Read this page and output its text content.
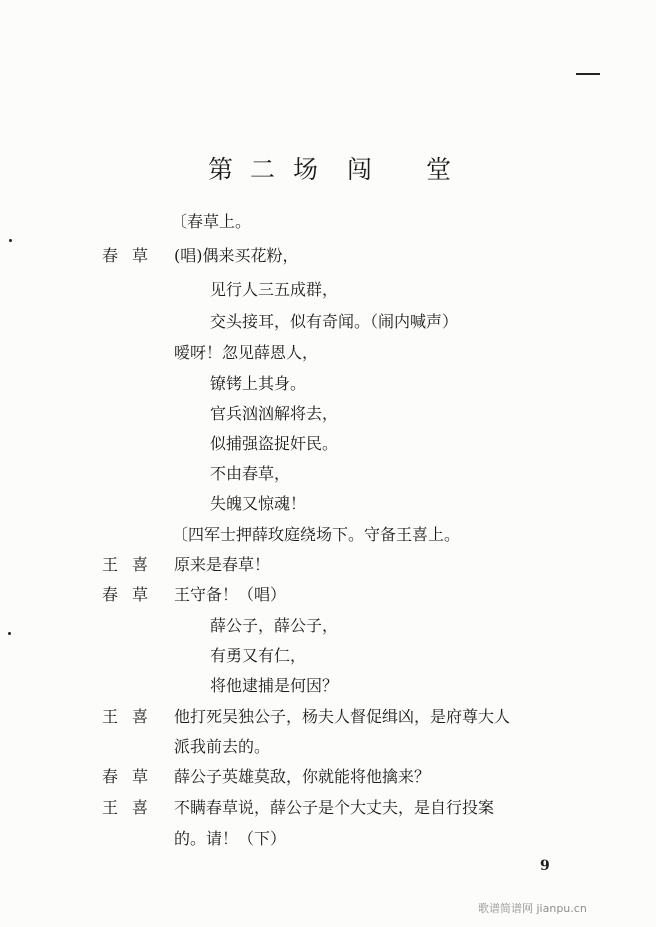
第 二 场 闯 堂
〔春草上。
春草 (唱)偶来买花粉，
见行人三五成群，
交头接耳，似有奇闻。（闹内喊声）
嗳呀！忽见薛恩人，
镣铐上其身。
官兵汹汹解将去，
似捕强盗捉奸民。
不由春草，
失魄又惊魂！
〔四军士押薛玫庭绕场下。守备王喜上。
王喜 原来是春草！
春草 王守备！（唱）
薛公子，薛公子，
有勇又有仁，
将他逮捕是何因？
王喜 他打死吴独公子，杨夫人督促缉凶，是府尊大人
派我前去的。
春草 薛公子英雄莫敌，你就能将他擒来？
王喜 不瞒春草说，薛公子是个大丈夫，是自行投案
的。请！（下）
9
歌谱简谱网 jianpu.cn
